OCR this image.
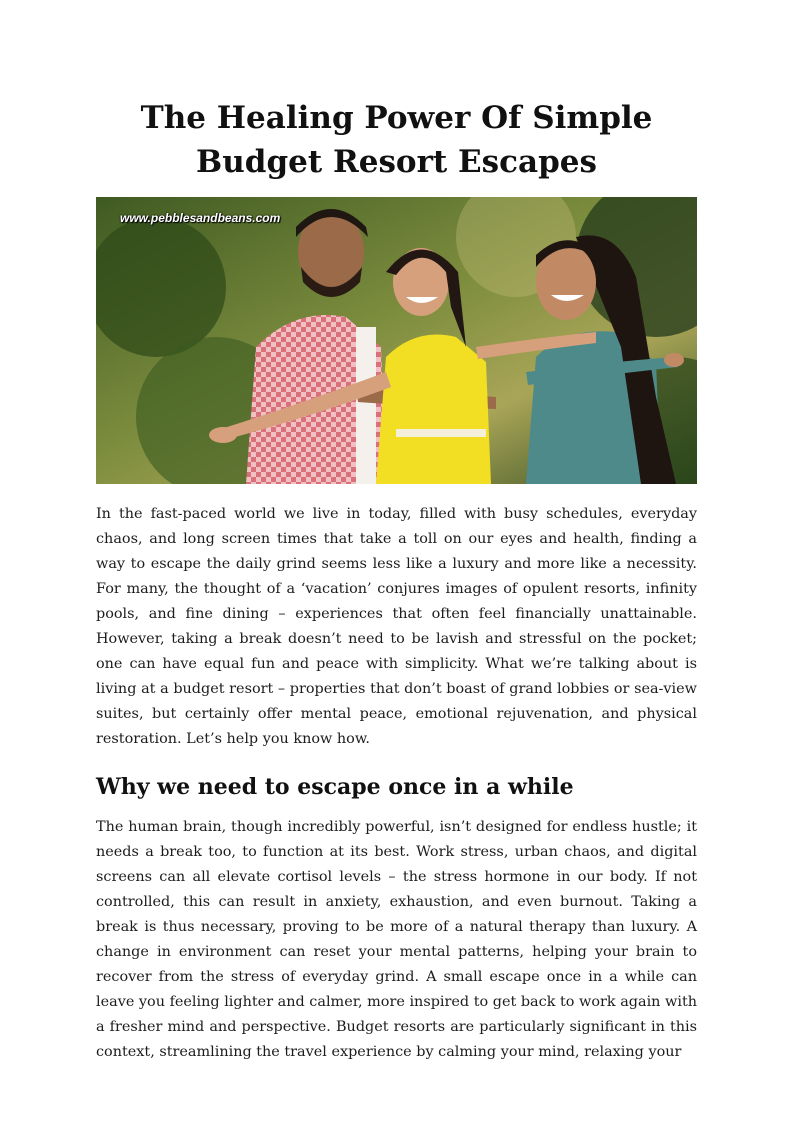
The Healing Power Of Simple Budget Resort Escapes
www.pebblesandbeans.com

In the fast-paced world we live in today, filled with busy schedules, everyday chaos, and long screen times that take a toll on our eyes and health, finding a way to escape the daily grind seems less like a luxury and more like a necessity. For many, the thought of a ‘vacation’ conjures images of opulent resorts, infinity pools, and fine dining – experiences that often feel financially unattainable. However, taking a break doesn’t need to be lavish and stressful on the pocket; one can have equal fun and peace with simplicity. What we’re talking about is living at a budget resort – properties that don’t boast of grand lobbies or sea-view suites, but certainly offer mental peace, emotional rejuvenation, and physical restoration. Let’s help you know how.

Why we need to escape once in a while

The human brain, though incredibly powerful, isn’t designed for endless hustle; it needs a break too, to function at its best. Work stress, urban chaos, and digital screens can all elevate cortisol levels – the stress hormone in our body. If not controlled, this can result in anxiety, exhaustion, and even burnout. Taking a break is thus necessary, proving to be more of a natural therapy than luxury. A change in environment can reset your mental patterns, helping your brain to recover from the stress of everyday grind. A small escape once in a while can leave you feeling lighter and calmer, more inspired to get back to work again with a fresher mind and perspective. Budget resorts are particularly significant in this context, streamlining the travel experience by calming your mind, relaxing your
